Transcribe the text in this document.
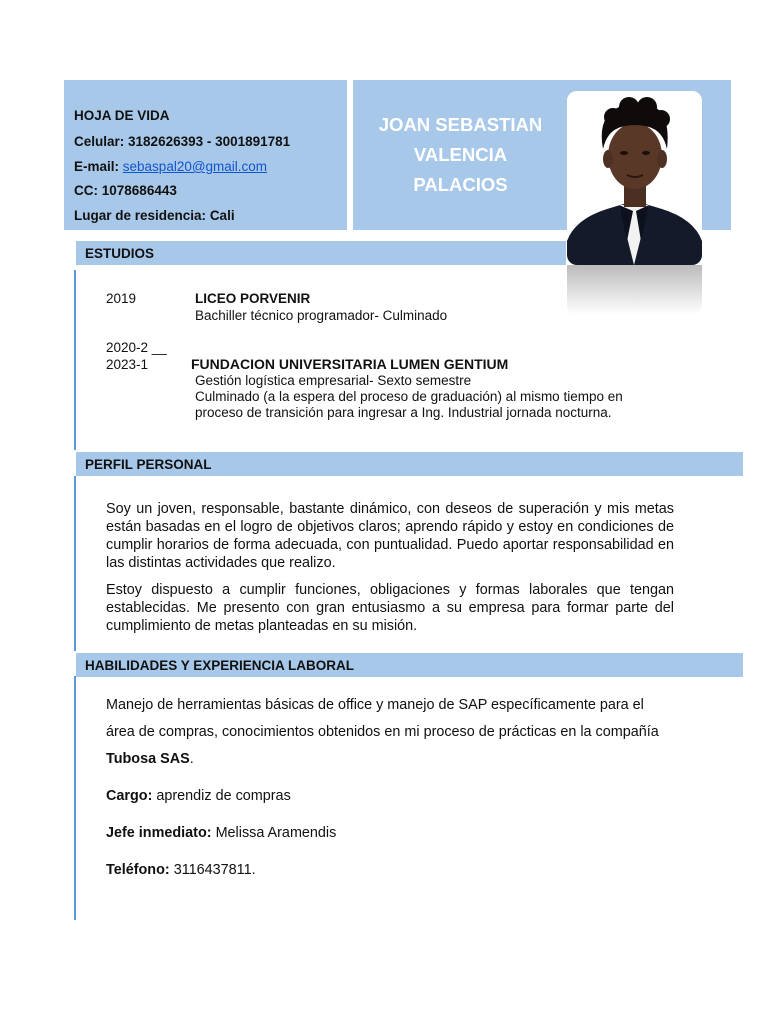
HOJA DE VIDA
Celular: 3182626393 - 3001891781
E-mail: sebaspal20@gmail.com
CC: 1078686443
Lugar de residencia: Cali
JOAN SEBASTIAN
VALENCIA
PALACIOS
ESTUDIOS
2019	LICEO PORVENIR
Bachiller técnico programador- Culminado
2020-2 __
2023-1	FUNDACION UNIVERSITARIA LUMEN GENTIUM
Gestión logística empresarial- Sexto semestre
Culminado (a la espera del proceso de graduación) al mismo tiempo en
proceso de transición para ingresar a Ing. Industrial jornada nocturna.
PERFIL PERSONAL
Soy un joven, responsable, bastante dinámico, con deseos de superación y mis metas están basadas en el logro de objetivos claros; aprendo rápido y estoy en condiciones de cumplir horarios de forma adecuada, con puntualidad. Puedo aportar responsabilidad en las distintas actividades que realizo.
Estoy dispuesto a cumplir funciones, obligaciones y formas laborales que tengan establecidas. Me presento con gran entusiasmo a su empresa para formar parte del cumplimiento de metas planteadas en su misión.
HABILIDADES Y EXPERIENCIA LABORAL
Manejo de herramientas básicas de office y manejo de SAP específicamente para el
área de compras, conocimientos obtenidos en mi proceso de prácticas en la compañía
Tubosa SAS.
Cargo: aprendiz de compras
Jefe inmediato: Melissa Aramendis
Teléfono: 3116437811.
